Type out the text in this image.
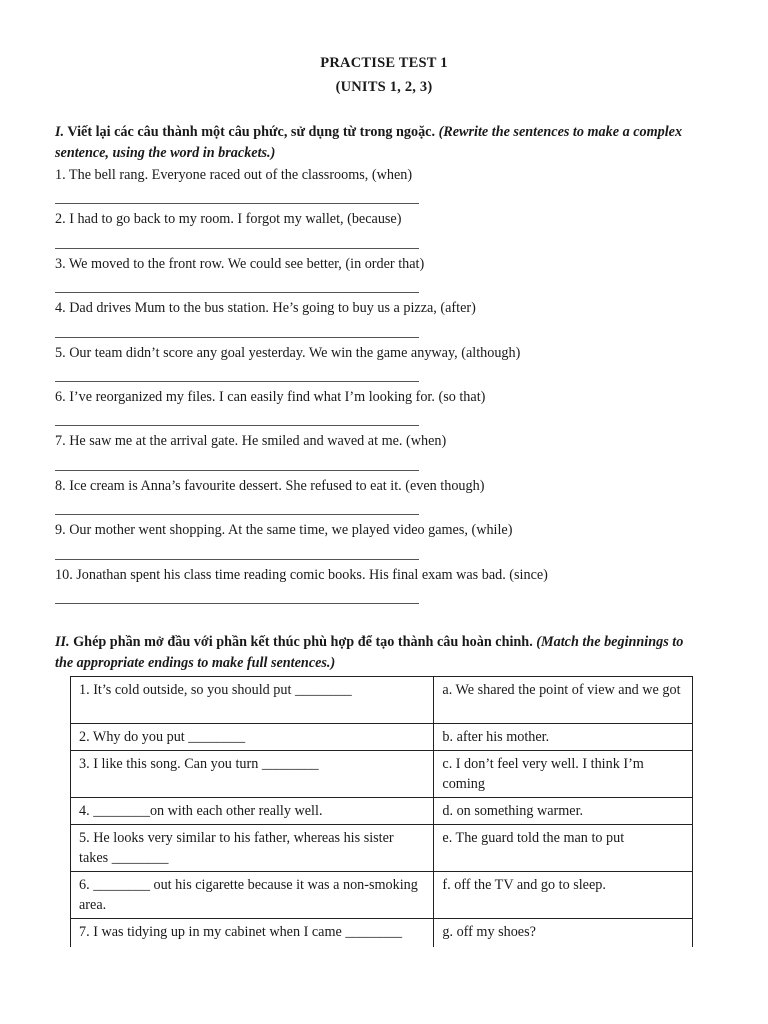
PRACTISE TEST 1
(UNITS 1, 2, 3)
I. Viết lại các câu thành một câu phức, sử dụng từ trong ngoặc. (Rewrite the sentences to make a complex sentence, using the word in brackets.)
1. The bell rang. Everyone raced out of the classrooms, (when)
2. I had to go back to my room. I forgot my wallet, (because)
3. We moved to the front row. We could see better, (in order that)
4. Dad drives Mum to the bus station. He’s going to buy us a pizza, (after)
5. Our team didn’t score any goal yesterday. We win the game anyway, (although)
6. I’ve reorganized my files. I can easily find what I’m looking for. (so that)
7. He saw me at the arrival gate. He smiled and waved at me. (when)
8. Ice cream is Anna’s favourite dessert. She refused to eat it. (even though)
9. Our mother went shopping. At the same time, we played video games, (while)
10. Jonathan spent his class time reading comic books. His final exam was bad. (since)
II. Ghép phần mở đầu với phần kết thúc phù hợp để tạo thành câu hoàn chinh. (Match the beginnings to the appropriate endings to make full sentences.)
1. It’s cold outside, so you should put ________	a. We shared the point of view and we got
2. Why do you put ________	b. after his mother.
3. I like this song. Can you turn ________	c. I don’t feel very well. I think I’m coming
4. ________on with each other really well.	d. on something warmer.
5. He looks very similar to his father, whereas his sister takes ________	e. The guard told the man to put
6. ________ out his cigarette because it was a non-smoking area.	f. off the TV and go to sleep.
7. I was tidying up in my cabinet when I came ________	g. off my shoes?
